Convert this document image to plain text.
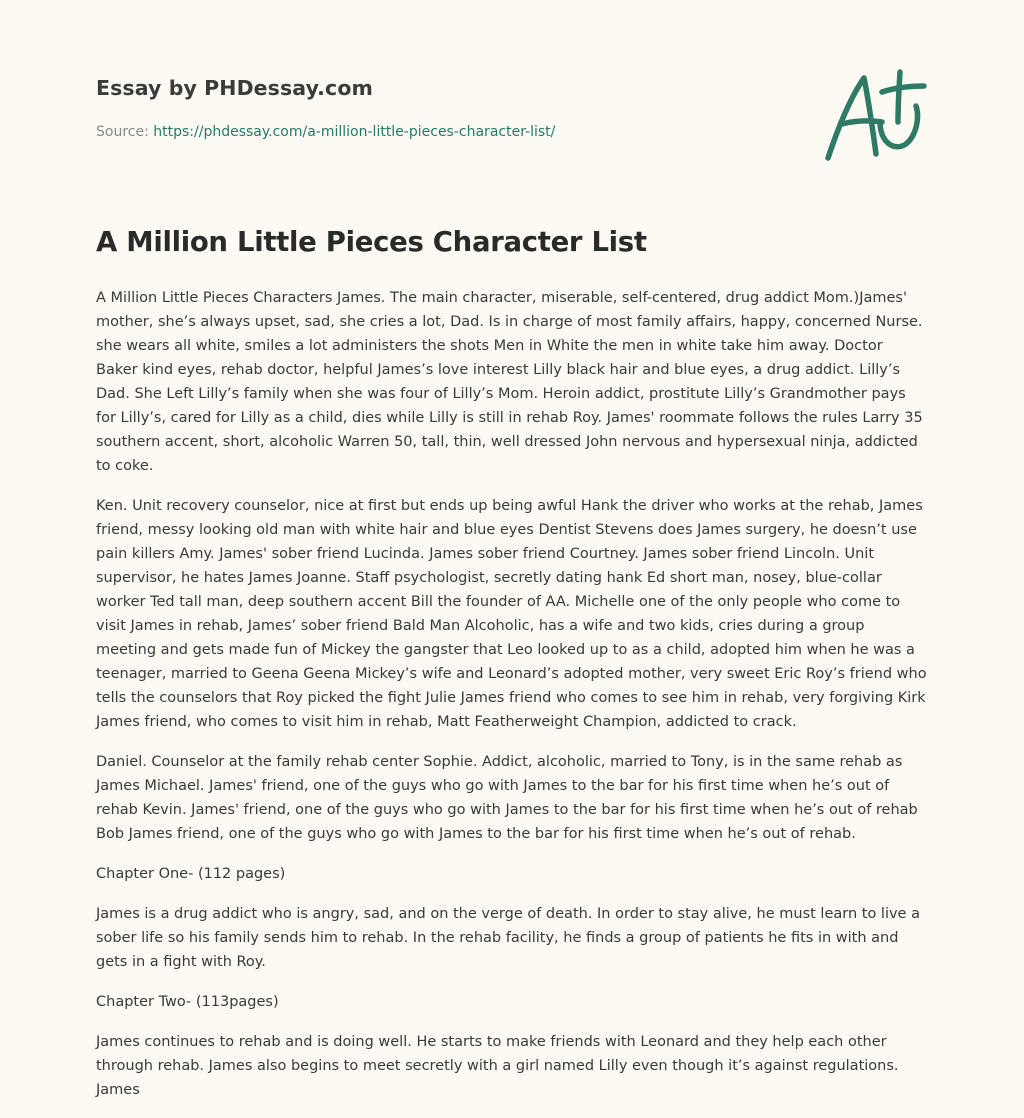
Essay by PHDessay.com
Source: https://phdessay.com/a-million-little-pieces-character-list/
A Million Little Pieces Character List

A Million Little Pieces Characters James. The main character, miserable, self-centered, drug addict Mom.)James' mother, she’s always upset, sad, she cries a lot, Dad. Is in charge of most family affairs, happy, concerned Nurse. she wears all white, smiles a lot administers the shots Men in White the men in white take him away. Doctor Baker kind eyes, rehab doctor, helpful James’s love interest Lilly black hair and blue eyes, a drug addict. Lilly’s Dad. She Left Lilly’s family when she was four of Lilly’s Mom. Heroin addict, prostitute Lilly’s Grandmother pays for Lilly’s, cared for Lilly as a child, dies while Lilly is still in rehab Roy. James' roommate follows the rules Larry 35 southern accent, short, alcoholic Warren 50, tall, thin, well dressed John nervous and hypersexual ninja, addicted to coke.

Ken. Unit recovery counselor, nice at first but ends up being awful Hank the driver who works at the rehab, James friend, messy looking old man with white hair and blue eyes Dentist Stevens does James surgery, he doesn’t use pain killers Amy. James' sober friend Lucinda. James sober friend Courtney. James sober friend Lincoln. Unit supervisor, he hates James Joanne. Staff psychologist, secretly dating hank Ed short man, nosey, blue-collar worker Ted tall man, deep southern accent Bill the founder of AA. Michelle one of the only people who come to visit James in rehab, James’ sober friend Bald Man Alcoholic, has a wife and two kids, cries during a group meeting and gets made fun of Mickey the gangster that Leo looked up to as a child, adopted him when he was a teenager, married to Geena Geena Mickey’s wife and Leonard’s adopted mother, very sweet Eric Roy’s friend who tells the counselors that Roy picked the fight Julie James friend who comes to see him in rehab, very forgiving Kirk James friend, who comes to visit him in rehab, Matt Featherweight Champion, addicted to crack.

Daniel. Counselor at the family rehab center Sophie. Addict, alcoholic, married to Tony, is in the same rehab as James Michael. James' friend, one of the guys who go with James to the bar for his first time when he’s out of rehab Kevin. James' friend, one of the guys who go with James to the bar for his first time when he’s out of rehab Bob James friend, one of the guys who go with James to the bar for his first time when he’s out of rehab.

Chapter One- (112 pages)

James is a drug addict who is angry, sad, and on the verge of death. In order to stay alive, he must learn to live a sober life so his family sends him to rehab. In the rehab facility, he finds a group of patients he fits in with and gets in a fight with Roy.

Chapter Two- (113pages)

James continues to rehab and is doing well. He starts to make friends with Leonard and they help each other through rehab. James also begins to meet secretly with a girl named Lilly even though it’s against regulations. James
